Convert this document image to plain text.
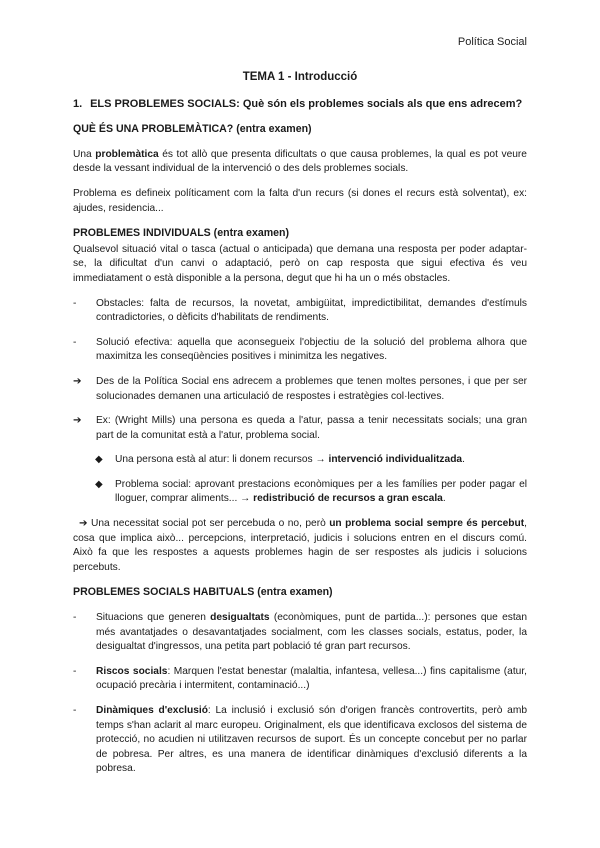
Política Social
TEMA 1 - Introducció
1. ELS PROBLEMES SOCIALS: Què són els problemes socials als que ens adrecem?
QUÈ ÉS UNA PROBLEMÀTICA? (entra examen)

Una problemàtica és tot allò que presenta dificultats o que causa problemes, la qual es pot veure desde la vessant individual de la intervenció o des dels problemes socials.

Problema es defineix políticament com la falta d'un recurs (si dones el recurs està solventat), ex: ajudes, residencia...

PROBLEMES INDIVIDUALS (entra examen)

Qualsevol situació vital o tasca (actual o anticipada) que demana una resposta per poder adaptar-se, la dificultat d'un canvi o adaptació, però on cap resposta que sigui efectiva és veu immediatament o està disponible a la persona, degut que hi ha un o més obstacles.

-	Obstacles: falta de recursos, la novetat, ambigüitat, impredictibilitat, demandes d'estímuls contradictories, o dèficits d'habilitats de rendiments.
-	Solució efectiva: aquella que aconsegueix l'objectiu de la solució del problema alhora que maximitza les conseqüències positives i minimitza les negatives.
➔	Des de la Política Social ens adrecem a problemes que tenen moltes persones, i que per ser solucionades demanen una articulació de respostes i estratègies col·lectives.
➔	Ex: (Wright Mills) una persona es queda a l'atur, passa a tenir necessitats socials; una gran part de la comunitat està a l'atur, problema social.
◆ Una persona està al atur: li donem recursos → intervenció individualitzada.
◆ Problema social: aprovant prestacions econòmiques per a les famílies per poder pagar el lloguer, comprar aliments... → redistribució de recursos a gran escala.

➔ Una necessitat social pot ser percebuda o no, però un problema social sempre és percebut, cosa que implica això... percepcions, interpretació, judicis i solucions entren en el discurs comú. Això fa que les respostes a aquests problemes hagin de ser respostes als judicis i solucions percebuts.

PROBLEMES SOCIALS HABITUALS (entra examen)
-	Situacions que generen desigualtats (econòmiques, punt de partida...): persones que estan més avantatjades o desavantatjades socialment, com les classes socials, estatus, poder, la desigualtat d'ingressos, una petita part població té gran part recursos.
-	Riscos socials: Marquen l'estat benestar (malaltia, infantesa, vellesa...) fins capitalisme (atur, ocupació precària i intermitent, contaminació...)
-	Dinàmiques d'exclusió: La inclusió i exclusió són d'origen francès controvertits, però amb temps s'han aclarit al marc europeu. Originalment, els que identificava exclosos del sistema de protecció, no acudien ni utilitzaven recursos de suport. És un concepte concebut per no parlar de pobresa. Per altres, es una manera de identificar dinàmiques d'exclusió diferents a la pobresa.
